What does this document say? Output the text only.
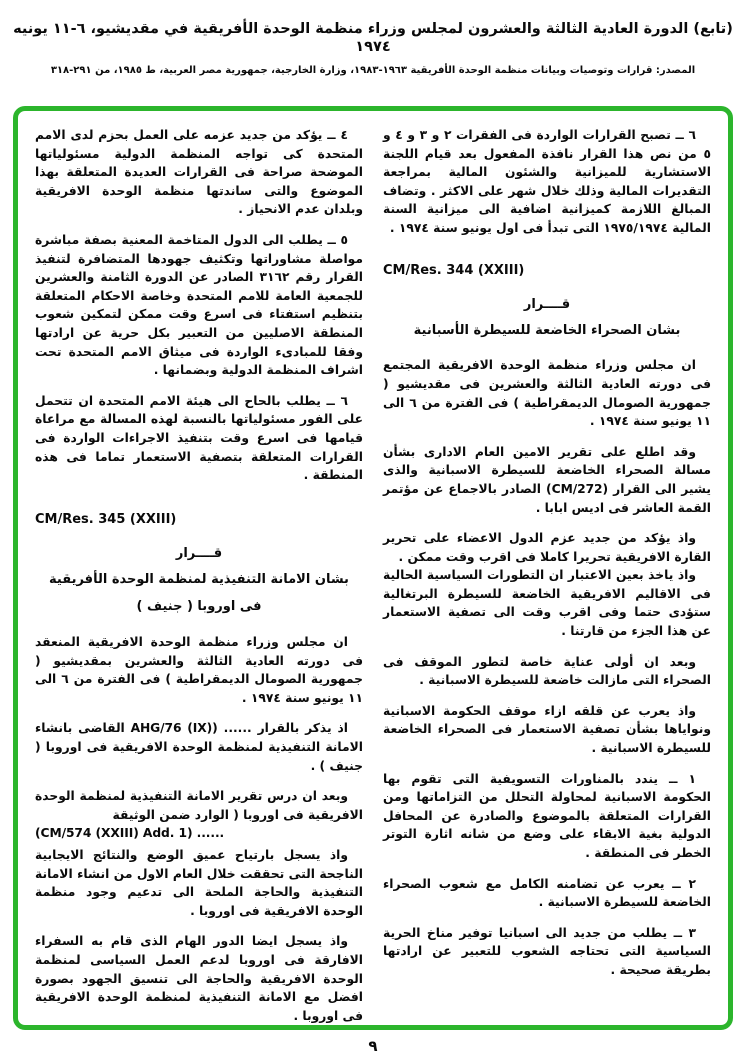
(تابع) الدورة العادية الثالثة والعشرون لمجلس وزراء منظمة الوحدة الأفريقية في مقديشيو، ٦-١١ يونيه ١٩٧٤
المصدر: قرارات وتوصيات وبيانات منظمة الوحدة الأفريقية ١٩٦٣-١٩٨٣، وزارة الخارجية، جمهورية مصر العربية، ط ١٩٨٥، من ٢٩١-٣١٨

٦ ــ تصبح القرارات الواردة فى الفقرات ٢ و ٣ و ٤ و ٥ من نص هذا القرار نافذة المفعول بعد قيام اللجنة الاستشارية للميزانية والشئون المالية بمراجعة التقديرات المالية وذلك خلال شهر على الاكثر . وتضاف المبالغ اللازمة كميزانية اضافية الى ميزانية السنة المالية ١٩٧٥/١٩٧٤ التى تبدأ فى اول يونيو سنة ١٩٧٤ .

CM/Res. 344 (XXIII)
قــــرار
بشان الصحراء الخاضعة للسيطرة الأسبانية

ان مجلس وزراء منظمة الوحدة الافريقية المجتمع فى دورته العادية الثالثة والعشرين فى مقديشيو ( جمهورية الصومال الديمقراطية ) فى الفترة من ٦ الى ١١ يونيو سنة ١٩٧٤ .

وقد اطلع على تقرير الامين العام الادارى بشأن مسالة الصحراء الخاضعة للسيطرة الاسبانية والذى يشير الى القرار (CM/272) الصادر بالاجماع عن مؤتمر القمة العاشر فى اديس ابابا .

واذ يؤكد من جديد عزم الدول الاعضاء على تحرير القارة الافريقية تحريرا كاملا فى اقرب وقت ممكن .

واذ ياخذ بعين الاعتبار ان التطورات السياسية الحالية فى الاقاليم الافريقية الخاضعة للسيطرة البرتغالية ستؤدى حتما وفى اقرب وقت الى تصفية الاستعمار عن هذا الجزء من قارتنا .

وبعد ان أولى عناية خاصة لتطور الموقف فى الصحراء التى مازالت خاضعة للسيطرة الاسبانية .

واذ يعرب عن قلقه ازاء موقف الحكومة الاسبانية ونواياها بشأن تصفية الاستعمار فى الصحراء الخاضعة للسيطرة الاسبانية .

١ ــ يندد بالمناورات التسويفية التى تقوم بها الحكومة الاسبانية لمحاولة التحلل من التزاماتها ومن القرارات المتعلقة بالموضوع والصادرة عن المحافل الدولية بغية الابقاء على وضع من شانه اثارة التوتر الخطر فى المنطقة .

٢ ــ يعرب عن تضامنه الكامل مع شعوب الصحراء الخاضعة للسيطرة الاسبانية .

٣ ــ يطلب من جديد الى اسبانيا توفير مناخ الحرية السياسية التى تحتاجه الشعوب للتعبير عن ارادتها بطريقة صحيحة .

٤ ــ يؤكد من جديد عزمه على العمل بحزم لدى الامم المتحدة كى تواجه المنظمة الدولية مسئولياتها الموضحة صراحة فى القرارات العديدة المتعلقة بهذا الموضوع والتى ساندتها منظمة الوحدة الافريقية وبلدان عدم الانحياز .

٥ ــ يطلب الى الدول المتاخمة المعنية بصفة مباشرة مواصلة مشاوراتها وتكثيف جهودها المتضافرة لتنفيذ القرار رقم ٣١٦٢ الصادر عن الدورة الثامنة والعشرين للجمعية العامة للامم المتحدة وخاصة الاحكام المتعلقة بتنظيم استفتاء فى اسرع وقت ممكن لتمكين شعوب المنطقة الاصليين من التعبير بكل حرية عن ارادتها وفقا للمبادىء الواردة فى ميثاق الامم المتحدة تحت اشراف المنظمة الدولية وبضمانها .

٦ ــ يطلب بالحاح الى هيئة الامم المتحدة ان تتحمل على الفور مسئولياتها بالنسبة لهذه المسالة مع مراعاة قيامها فى اسرع وقت بتنفيذ الاجراءات الواردة فى القرارات المتعلقة بتصفية الاستعمار تماما فى هذه المنطقة .

CM/Res. 345 (XXIII)
قــــرار
بشان الامانة التنفيذية لمنظمة الوحدة الأفريقية
فى اوروبا ( جنيف )

ان مجلس وزراء منظمة الوحدة الافريقية المنعقد فى دورته العادية الثالثة والعشرين بمقديشيو ( جمهورية الصومال الديمقراطية ) فى الفترة من ٦ الى ١١ يونيو سنة ١٩٧٤ .

اذ يذكر بالقرار ...... (AHG/76 (IX) القاضى بانشاء الامانة التنفيذية لمنظمة الوحدة الافريقية فى اوروبا ( جنيف ) .

وبعد ان درس تقرير الامانة التنفيذية لمنظمة الوحدة الافريقية فى اوروبا ( الوارد ضمن الوثيقة

(CM/574 (XXIII) Add. 1) ......

واذ يسجل بارتياح عميق الوضع والنتائج الايجابية الناجحة التى تحققت خلال العام الاول من انشاء الامانة التنفيذية والحاجة الملحة الى تدعيم وجود منظمة الوحدة الافريقية فى اوروبا .

واذ يسجل ايضا الدور الهام الذى قام به السفراء الافارقة فى اوروبا لدعم العمل السياسى لمنظمة الوحدة الافريقية والحاجة الى تنسيق الجهود بصورة افضل مع الامانة التنفيذية لمنظمة الوحدة الافريقية فى اوروبا .

٩
